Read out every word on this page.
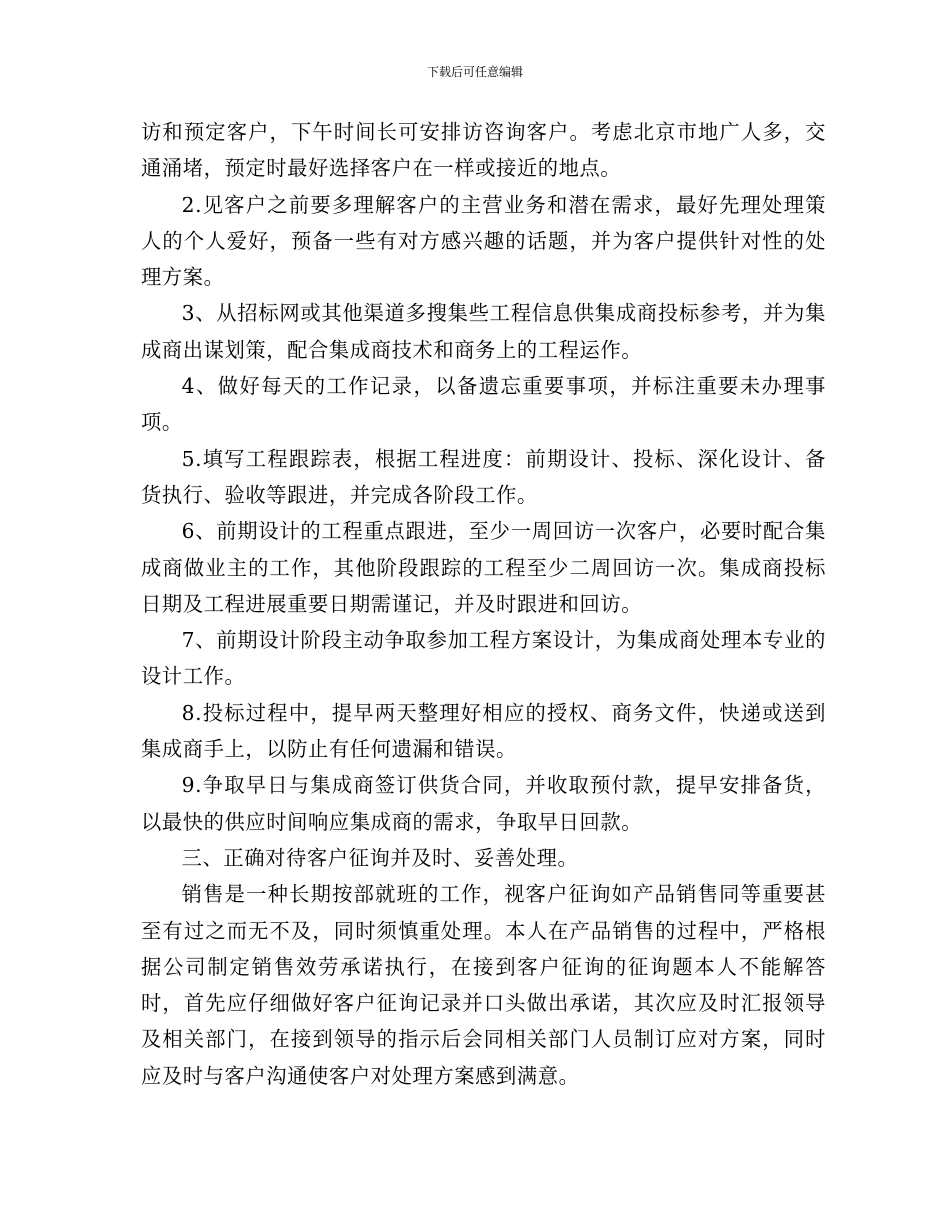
下载后可任意编辑

访和预定客户，下午时间长可安排访咨询客户。考虑北京市地广人多，交通涌堵，预定时最好选择客户在一样或接近的地点。

2.见客户之前要多理解客户的主营业务和潜在需求，最好先理处理策人的个人爱好，预备一些有对方感兴趣的话题，并为客户提供针对性的处理方案。

3、从招标网或其他渠道多搜集些工程信息供集成商投标参考，并为集成商出谋划策，配合集成商技术和商务上的工程运作。

4、做好每天的工作记录，以备遗忘重要事项，并标注重要未办理事项。

5.填写工程跟踪表，根据工程进度：前期设计、投标、深化设计、备货执行、验收等跟进，并完成各阶段工作。

6、前期设计的工程重点跟进，至少一周回访一次客户，必要时配合集成商做业主的工作，其他阶段跟踪的工程至少二周回访一次。集成商投标日期及工程进展重要日期需谨记，并及时跟进和回访。

7、前期设计阶段主动争取参加工程方案设计，为集成商处理本专业的设计工作。

8.投标过程中，提早两天整理好相应的授权、商务文件，快递或送到集成商手上，以防止有任何遗漏和错误。

9.争取早日与集成商签订供货合同，并收取预付款，提早安排备货，以最快的供应时间响应集成商的需求，争取早日回款。

三、正确对待客户征询并及时、妥善处理。

销售是一种长期按部就班的工作，视客户征询如产品销售同等重要甚至有过之而无不及，同时须慎重处理。本人在产品销售的过程中，严格根据公司制定销售效劳承诺执行，在接到客户征询的征询题本人不能解答时，首先应仔细做好客户征询记录并口头做出承诺，其次应及时汇报领导及相关部门，在接到领导的指示后会同相关部门人员制订应对方案，同时应及时与客户沟通使客户对处理方案感到满意。
